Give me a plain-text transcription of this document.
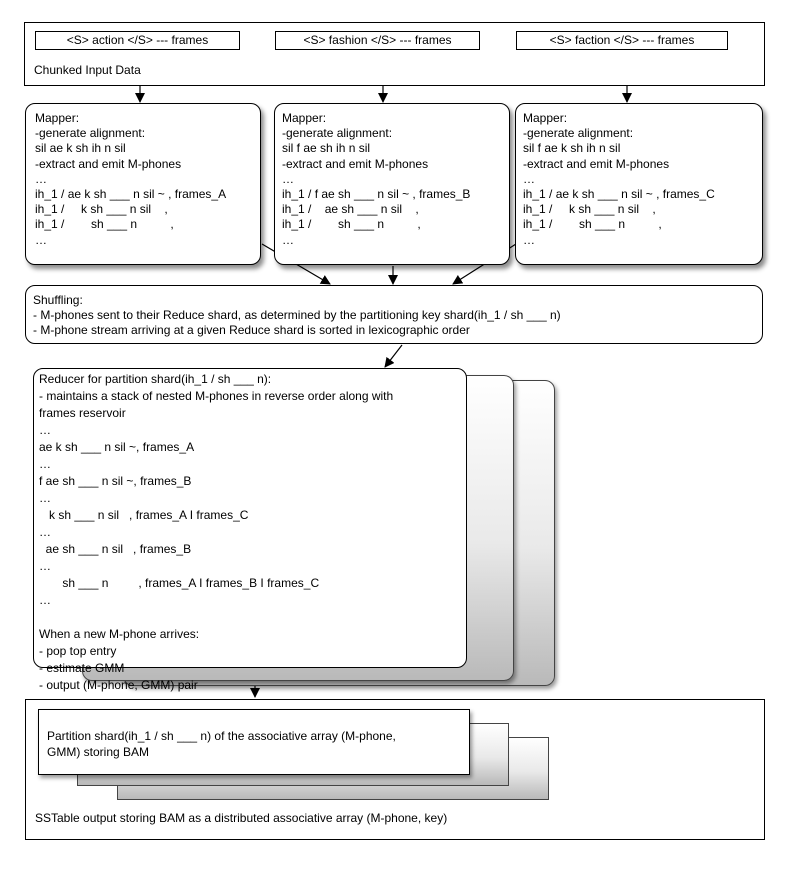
<S> action </S> --- frames	<S> fashion </S> --- frames	<S> faction </S> --- frames
Chunked Input Data
Mapper:
-generate alignment:
sil ae k sh ih n sil
-extract and emit M-phones
…
ih_1 / ae k sh ___ n sil ~ , frames_A
ih_1 /     k sh ___ n sil    ,
ih_1 /        sh ___ n          ,
…
Mapper:
-generate alignment:
sil f ae sh ih n sil
-extract and emit M-phones
…
ih_1 / f ae sh ___ n sil ~ , frames_B
ih_1 /    ae sh ___ n sil    ,
ih_1 /        sh ___ n          ,
…
Mapper:
-generate alignment:
sil f ae k sh ih n sil
-extract and emit M-phones
…
ih_1 / ae k sh ___ n sil ~ , frames_C
ih_1 /     k sh ___ n sil    ,
ih_1 /        sh ___ n          ,
…
Shuffling:
- M-phones sent to their Reduce shard, as determined by the partitioning key shard(ih_1 / sh ___ n)
- M-phone stream arriving at a given Reduce shard is sorted in lexicographic order
Reducer for partition shard(ih_1 / sh ___ n):
- maintains a stack of nested M-phones in reverse order along with
frames reservoir
…
ae k sh ___ n sil ~, frames_A
…
f ae sh ___ n sil ~, frames_B
…
k sh ___ n sil   , frames_A I frames_C
…
ae sh ___ n sil   , frames_B
…
sh ___ n         , frames_A I frames_B I frames_C
…
When a new M-phone arrives:
- pop top entry
- estimate GMM
- output (M-phone, GMM) pair
Partition shard(ih_1 / sh ___ n) of the associative array (M-phone,
GMM) storing BAM
SSTable output storing BAM as a distributed associative array (M-phone, key)
